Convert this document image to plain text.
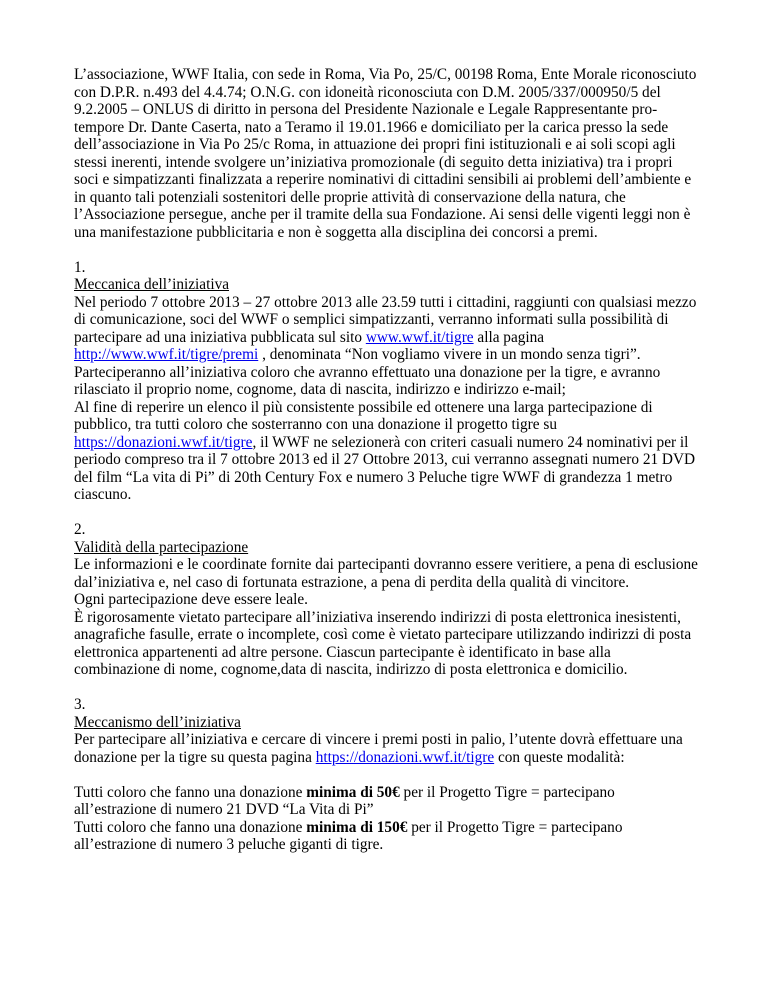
L’associazione, WWF Italia, con sede in Roma, Via Po, 25/C, 00198 Roma, Ente Morale riconosciuto con D.P.R. n.493 del 4.4.74; O.N.G. con idoneità riconosciuta con D.M. 2005/337/000950/5 del 9.2.2005 – ONLUS di diritto in persona del Presidente Nazionale e Legale Rappresentante pro-tempore Dr. Dante Caserta, nato a Teramo il 19.01.1966 e domiciliato per la carica presso la sede dell’associazione in Via Po 25/c Roma, in attuazione dei propri fini istituzionali e ai soli scopi agli stessi inerenti, intende svolgere un’iniziativa promozionale (di seguito detta iniziativa) tra i propri soci e simpatizzanti finalizzata a reperire nominativi di cittadini sensibili ai problemi dell’ambiente e in quanto tali potenziali sostenitori delle proprie attività di conservazione della natura, che l’Associazione persegue, anche per il tramite della sua Fondazione. Ai sensi delle vigenti leggi non è una manifestazione pubblicitaria e non è soggetta alla disciplina dei concorsi a premi.

1.
Meccanica dell’iniziativa
Nel periodo 7 ottobre 2013 – 27 ottobre 2013 alle 23.59 tutti i cittadini, raggiunti con qualsiasi mezzo di comunicazione, soci del WWF o semplici simpatizzanti, verranno informati sulla possibilità di partecipare ad una iniziativa pubblicata sul sito www.wwf.it/tigre alla pagina http://www.wwf.it/tigre/premi , denominata “Non vogliamo vivere in un mondo senza tigri”.
Parteciperanno all’iniziativa coloro che avranno effettuato una donazione per la tigre, e avranno rilasciato il proprio nome, cognome, data di nascita, indirizzo e indirizzo e-mail;
Al fine di reperire un elenco il più consistente possibile ed ottenere una larga partecipazione di pubblico, tra tutti coloro che sosterranno con una donazione il progetto tigre su https://donazioni.wwf.it/tigre, il WWF ne selezionerà con criteri casuali numero 24 nominativi per il periodo compreso tra il 7 ottobre 2013 ed il 27 Ottobre 2013, cui verranno assegnati numero 21 DVD del film “La vita di Pi” di 20th Century Fox e numero 3 Peluche tigre WWF di grandezza 1 metro ciascuno.

2.
Validità della partecipazione
Le informazioni e le coordinate fornite dai partecipanti dovranno essere veritiere, a pena di esclusione dal’iniziativa e, nel caso di fortunata estrazione, a pena di perdita della qualità di vincitore.
Ogni partecipazione deve essere leale.
È rigorosamente vietato partecipare all’iniziativa inserendo indirizzi di posta elettronica inesistenti, anagrafiche fasulle, errate o incomplete, così come è vietato partecipare utilizzando indirizzi di posta elettronica appartenenti ad altre persone. Ciascun partecipante è identificato in base alla combinazione di nome, cognome,data di nascita, indirizzo di posta elettronica e domicilio.

3.
Meccanismo dell’iniziativa
Per partecipare all’iniziativa e cercare di vincere i premi posti in palio, l’utente dovrà effettuare una donazione per la tigre su questa pagina https://donazioni.wwf.it/tigre con queste modalità:

Tutti coloro che fanno una donazione minima di 50€ per il Progetto Tigre = partecipano all’estrazione di numero 21 DVD “La Vita di Pi”
Tutti coloro che fanno una donazione minima di 150€ per il Progetto Tigre = partecipano all’estrazione di numero 3 peluche giganti di tigre.
